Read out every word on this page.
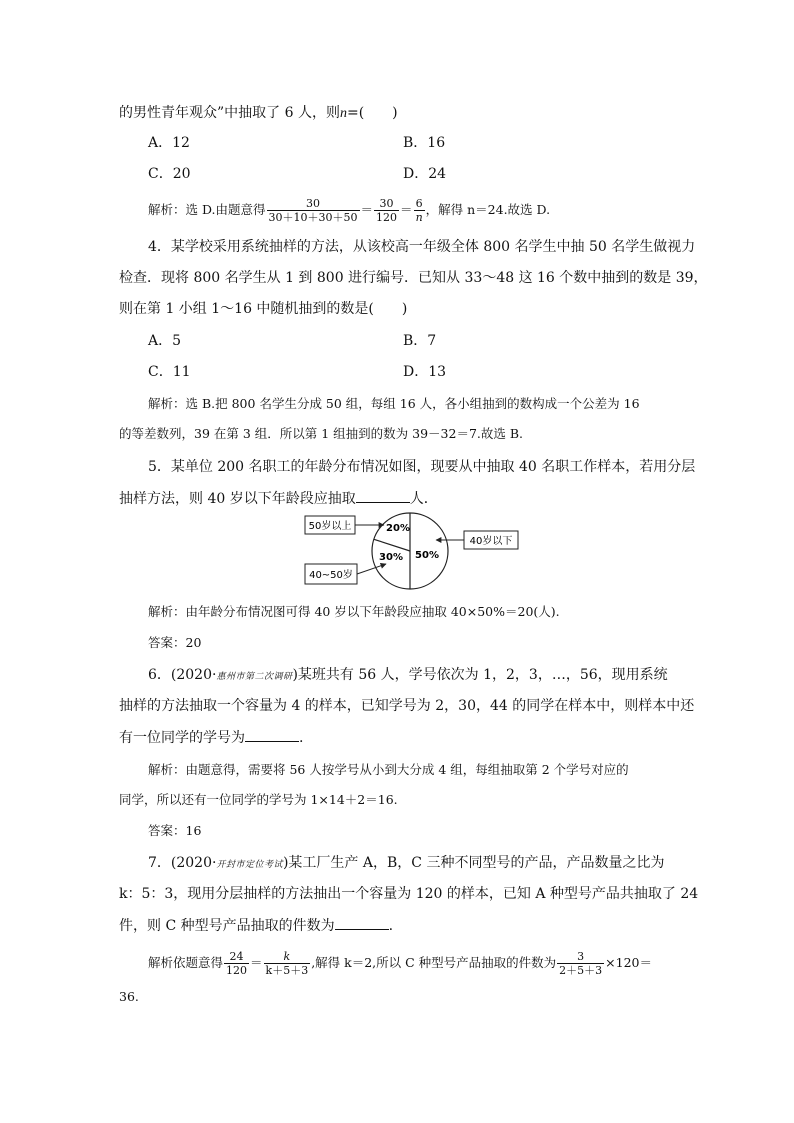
的男性青年观众”中抽取了 6 人，则n=(　　)
A．12	B．16
C．20	D．24
解析：选 D.由题意得 $\frac{30}{30+10+30+50} = \frac{30}{120} = \frac{6}{n}$ ，解得 n＝24.故选 D.
4．某学校采用系统抽样的方法，从该校高一年级全体 800 名学生中抽 50 名学生做视力
检查．现将 800 名学生从 1 到 800 进行编号．已知从 33～48 这 16 个数中抽到的数是 39，
则在第 1 小组 1～16 中随机抽到的数是(　　)
A．5	B．7
C．11	D．13
解析：选 B.把 800 名学生分成 50 组，每组 16 人，各小组抽到的数构成一个公差为 16
的等差数列，39 在第 3 组．所以第 1 组抽到的数为 39－32＝7.故选 B.
5．某单位 200 名职工的年龄分布情况如图，现要从中抽取 40 名职工作样本，若用分层
抽样方法，则 40 岁以下年龄段应抽取	人．
20%
30% 50%
50岁以上
40~50岁
40岁以下
解析：由年龄分布情况图可得 40 岁以下年龄段应抽取 40×50%＝20(人).
答案：20
6．(2020·惠州市第二次调研)某班共有 56 人，学号依次为 1，2，3，…，56，现用系统
抽样的方法抽取一个容量为 4 的样本，已知学号为 2，30，44 的同学在样本中，则样本中还
有一位同学的学号为	.
解析：由题意得，需要将 56 人按学号从小到大分成 4 组，每组抽取第 2 个学号对应的
同学，所以还有一位同学的学号为 1×14＋2＝16.
答案：16
7．(2020·开封市定位考试)某工厂生产 A，B，C 三种不同型号的产品，产品数量之比为
k：5：3，现用分层抽样的方法抽出一个容量为 120 的样本，已知 A 种型号产品共抽取了 24
件，则 C 种型号产品抽取的件数为	.
解析依题意得 $\frac{24}{120} = \frac{k}{k+5+3}$ ,解得 k＝2,所以 C 种型号产品抽取的件数为 $\frac{3}{2+5+3} \times 120=$
36.
